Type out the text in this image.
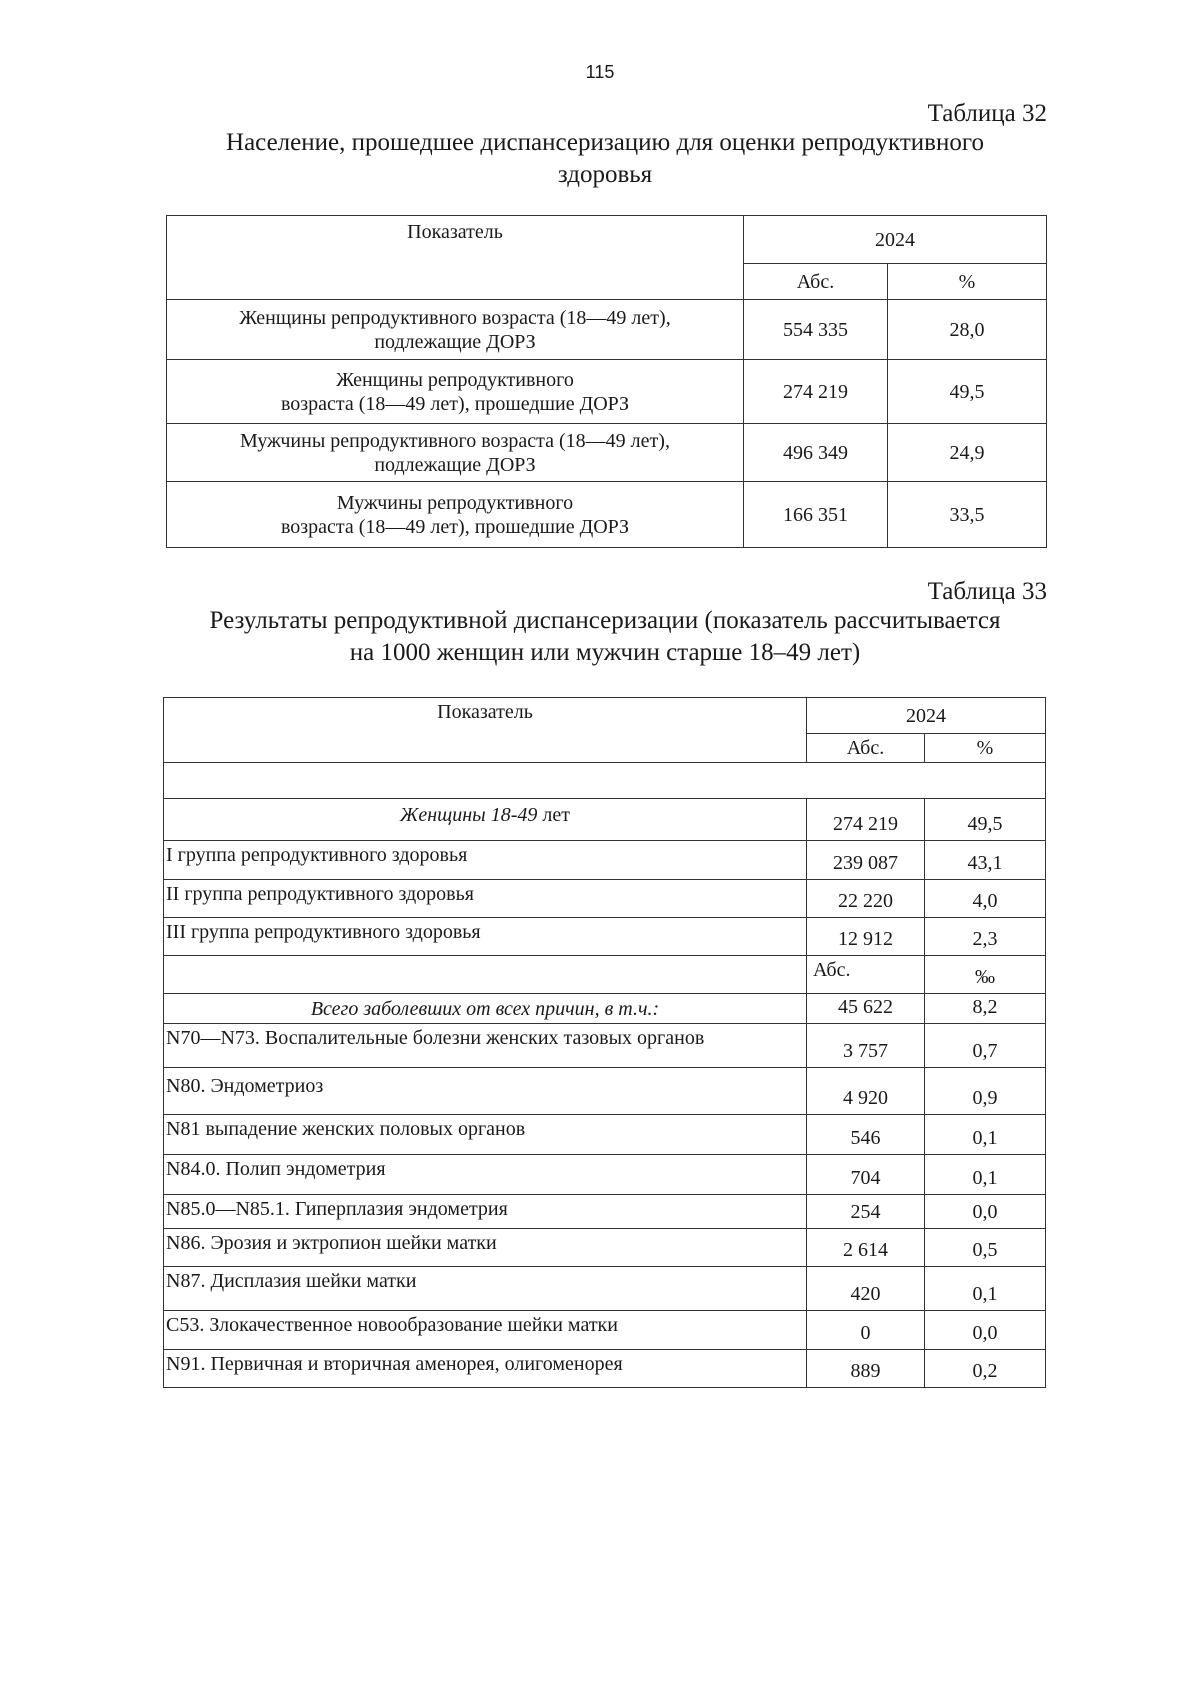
115
Таблица 32
Население, прошедшее диспансеризацию для оценки репродуктивного
здоровья
Показатель	2024	
	Абс.	%

Женщины репродуктивного возраста (18—49 лет),
подлежащие ДОРЗ	554 335	28,0

Женщины репродуктивного
возраста (18—49 лет), прошедшие ДОРЗ	274 219	49,5

Мужчины репродуктивного возраста (18—49 лет),
подлежащие ДОРЗ	496 349	24,9

Мужчины репродуктивного
возраста (18—49 лет), прошедшие ДОРЗ	166 351	33,5
Таблица 33
Результаты репродуктивной диспансеризации (показатель рассчитывается
на 1000 женщин или мужчин старше 18–49 лет)
Показатель	2024	
	Абс.	%

Женщины 18-49 лет	274 219	49,5
I группа репродуктивного здоровья	239 087	43,1
II группа репродуктивного здоровья	22 220	4,0
III группа репродуктивного здоровья	12 912	2,3
	Абс.	‰
Всего заболевших от всех причин, в т.ч.:	45 622	8,2
N70—N73. Воспалительные болезни женских тазовых органов	3 757	0,7
N80. Эндометриоз	4 920	0,9
N81 выпадение женских половых органов	546	0,1
N84.0. Полип эндометрия	704	0,1
N85.0—N85.1. Гиперплазия эндометрия	254	0,0
N86. Эрозия и эктропион шейки матки	2 614	0,5
N87. Дисплазия шейки матки	420	0,1
C53. Злокачественное новообразование шейки матки	0	0,0
N91. Первичная и вторичная аменорея, олигоменорея	889	0,2
